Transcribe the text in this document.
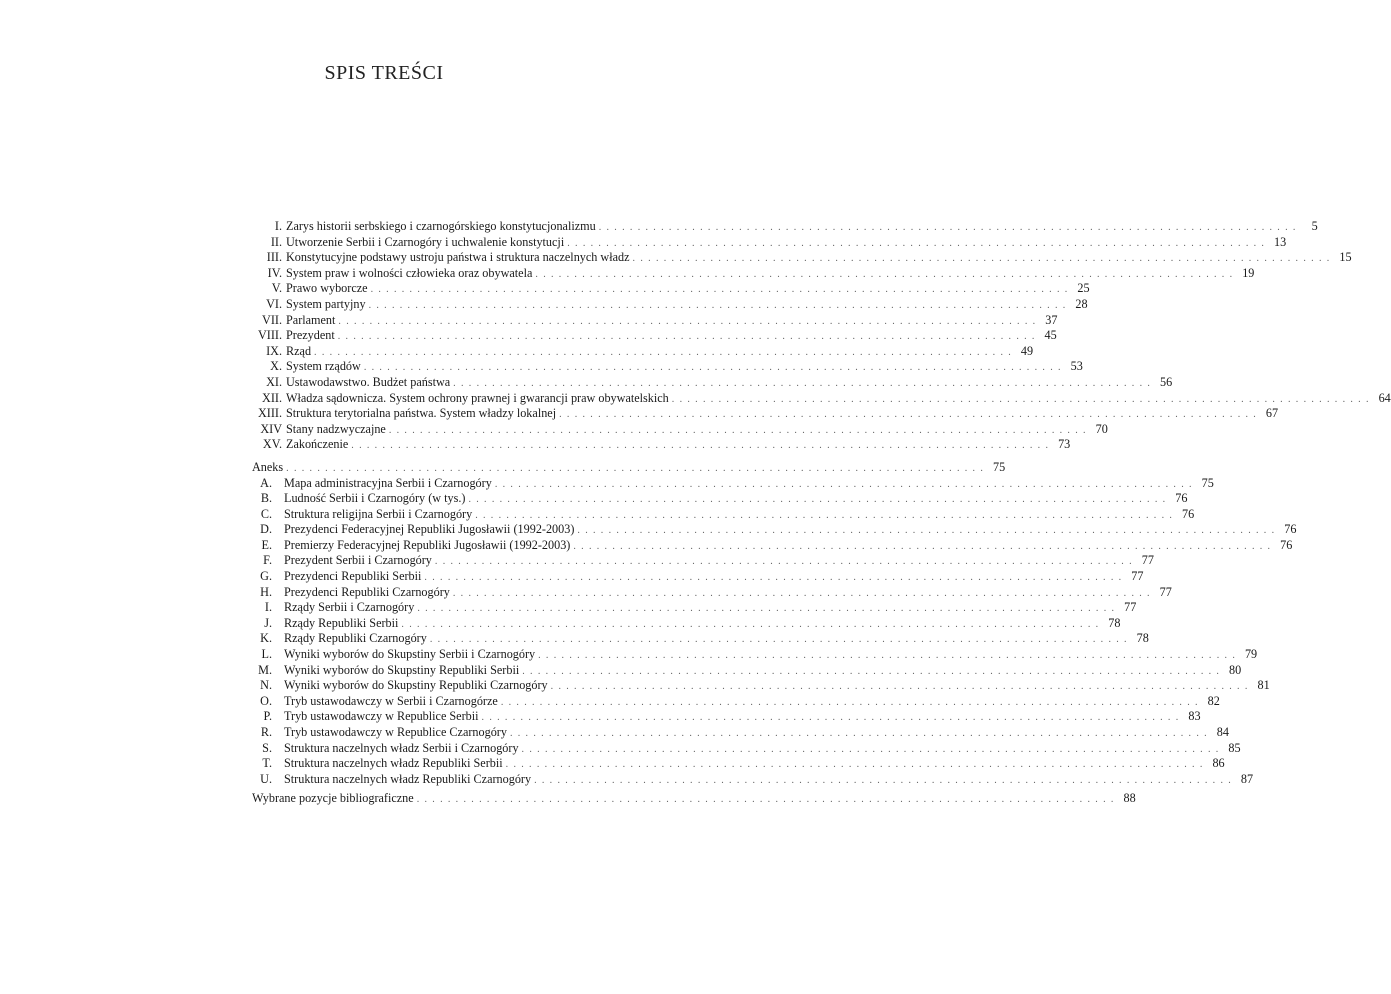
SPIS TREŚCI
I. Zarys historii serbskiego i czarnogórskiego konstytucjonalizmu .......................................................................................... 5
II. Utworzenie Serbii i Czarnogóry i uchwalenie konstytucji .......................................................................................... 13
III. Konstytucyjne podstawy ustroju państwa i struktura naczelnych władz .......................................................................................... 15
IV. System praw i wolności człowieka oraz obywatela .......................................................................................... 19
V. Prawo wyborcze .......................................................................................... 25
VI. System partyjny .......................................................................................... 28
VII. Parlament .......................................................................................... 37
VIII. Prezydent .......................................................................................... 45
IX. Rząd .......................................................................................... 49
X. System rządów .......................................................................................... 53
XI. Ustawodawstwo. Budżet państwa .......................................................................................... 56
XII. Władza sądownicza. System ochrony prawnej i gwarancji praw obywatelskich .......................................................................................... 64
XIII. Struktura terytorialna państwa. System władzy lokalnej .......................................................................................... 67
XIV Stany nadzwyczajne .......................................................................................... 70
XV. Zakończenie .......................................................................................... 73
Aneks .......................................................................................... 75
A. Mapa administracyjna Serbii i Czarnogóry .......................................................................................... 75
B. Ludność Serbii i Czarnogóry (w tys.) .......................................................................................... 76
C. Struktura religijna Serbii i Czarnogóry .......................................................................................... 76
D. Prezydenci Federacyjnej Republiki Jugosławii (1992-2003) .......................................................................................... 76
E. Premierzy Federacyjnej Republiki Jugosławii (1992-2003) .......................................................................................... 76
F. Prezydent Serbii i Czarnogóry .......................................................................................... 77
G. Prezydenci Republiki Serbii .......................................................................................... 77
H. Prezydenci Republiki Czarnogóry .......................................................................................... 77
I. Rządy Serbii i Czarnogóry .......................................................................................... 77
J. Rządy Republiki Serbii .......................................................................................... 78
K. Rządy Republiki Czarnogóry .......................................................................................... 78
L. Wyniki wyborów do Skupstiny Serbii i Czarnogóry .......................................................................................... 79
M. Wyniki wyborów do Skupstiny Republiki Serbii .......................................................................................... 80
N. Wyniki wyborów do Skupstiny Republiki Czarnogóry .......................................................................................... 81
O. Tryb ustawodawczy w Serbii i Czarnogórze .......................................................................................... 82
P. Tryb ustawodawczy w Republice Serbii .......................................................................................... 83
R. Tryb ustawodawczy w Republice Czarnogóry .......................................................................................... 84
S. Struktura naczelnych władz Serbii i Czarnogóry .......................................................................................... 85
T. Struktura naczelnych władz Republiki Serbii .......................................................................................... 86
U. Struktura naczelnych władz Republiki Czarnogóry .......................................................................................... 87
Wybrane pozycje bibliograficzne .......................................................................................... 88
